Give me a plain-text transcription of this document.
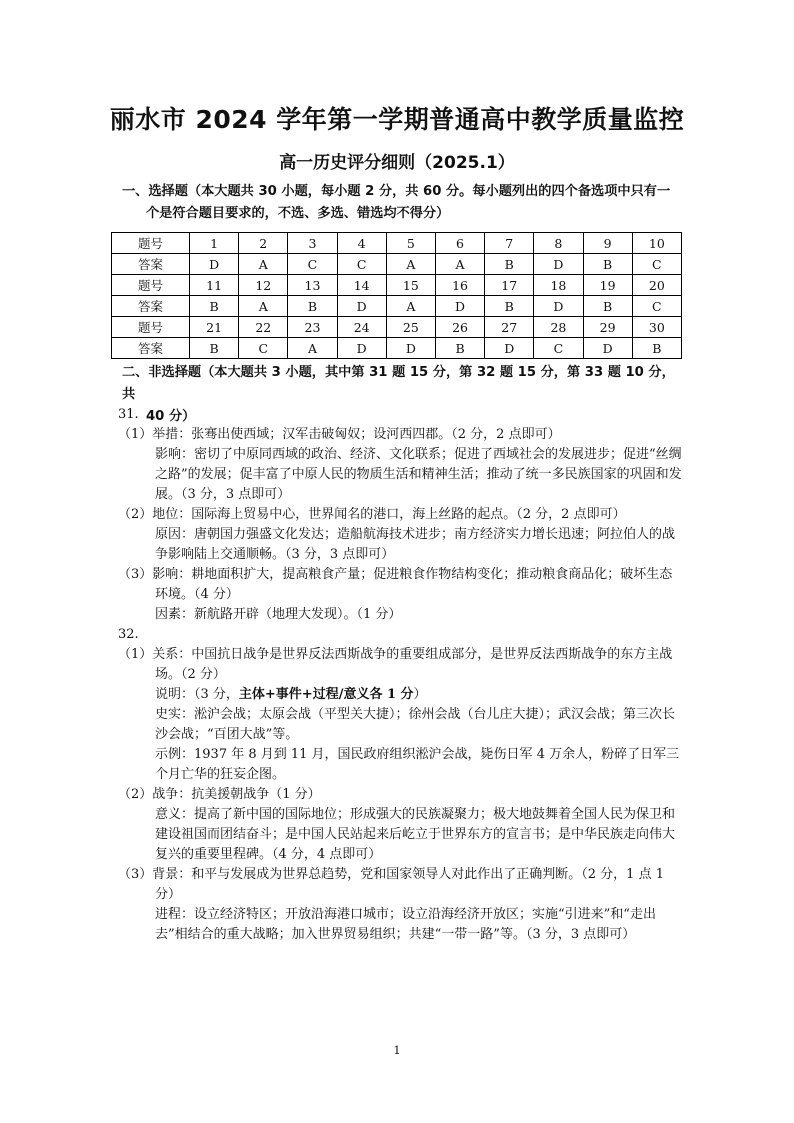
丽水市 2024 学年第一学期普通高中教学质量监控
高一历史评分细则（2025.1）
一、选择题（本大题共 30 小题，每小题 2 分，共 60 分。每小题列出的四个备选项中只有一
个是符合题目要求的，不选、多选、错选均不得分）
题号	1	2	3	4	5	6	7	8	9	10
答案	D	A	C	C	A	A	B	D	B	C
题号	11	12	13	14	15	16	17	18	19	20
答案	B	A	B	D	A	D	B	D	B	C
题号	21	22	23	24	25	26	27	28	29	30
答案	B	C	A	D	D	B	D	C	D	B
二、非选择题（本大题共 3 小题，其中第 31 题 15 分，第 32 题 15 分，第 33 题 10 分，共
40 分）

31.

（1）举措：张骞出使西域；汉军击破匈奴；设河西四郡。（2 分，2 点即可）

影响：密切了中原同西域的政治、经济、文化联系；促进了西域社会的发展进步；促进“丝绸之路”的发展；促丰富了中原人民的物质生活和精神生活；推动了统一多民族国家的巩固和发展。（3 分，3 点即可）

（2）地位：国际海上贸易中心，世界闻名的港口，海上丝路的起点。（2 分，2 点即可）

原因：唐朝国力强盛文化发达；造船航海技术进步；南方经济实力增长迅速；阿拉伯人的战争影响陆上交通顺畅。（3 分，3 点即可）

（3）影响：耕地面积扩大，提高粮食产量；促进粮食作物结构变化；推动粮食商品化；破坏生态环境。（4 分）

因素：新航路开辟（地理大发现）。（1 分）

32.

（1）关系：中国抗日战争是世界反法西斯战争的重要组成部分，是世界反法西斯战争的东方主战场。（2 分）

说明：（3 分，主体+事件+过程/意义各 1 分）

史实：淞沪会战；太原会战（平型关大捷）；徐州会战（台儿庄大捷）；武汉会战；第三次长沙会战；“百团大战”等。

示例：1937 年 8 月到 11 月，国民政府组织淞沪会战，毙伤日军 4 万余人，粉碎了日军三个月亡华的狂妄企图。

（2）战争：抗美援朝战争（1 分）

意义：提高了新中国的国际地位；形成强大的民族凝聚力；极大地鼓舞着全国人民为保卫和建设祖国而团结奋斗；是中国人民站起来后屹立于世界东方的宣言书；是中华民族走向伟大复兴的重要里程碑。（4 分，4 点即可）

（3）背景：和平与发展成为世界总趋势，党和国家领导人对此作出了正确判断。（2 分，1 点 1 分）

进程：设立经济特区；开放沿海港口城市；设立沿海经济开放区；实施“引进来”和“走出去”相结合的重大战略；加入世界贸易组织；共建“一带一路”等。（3 分，3 点即可）

1
